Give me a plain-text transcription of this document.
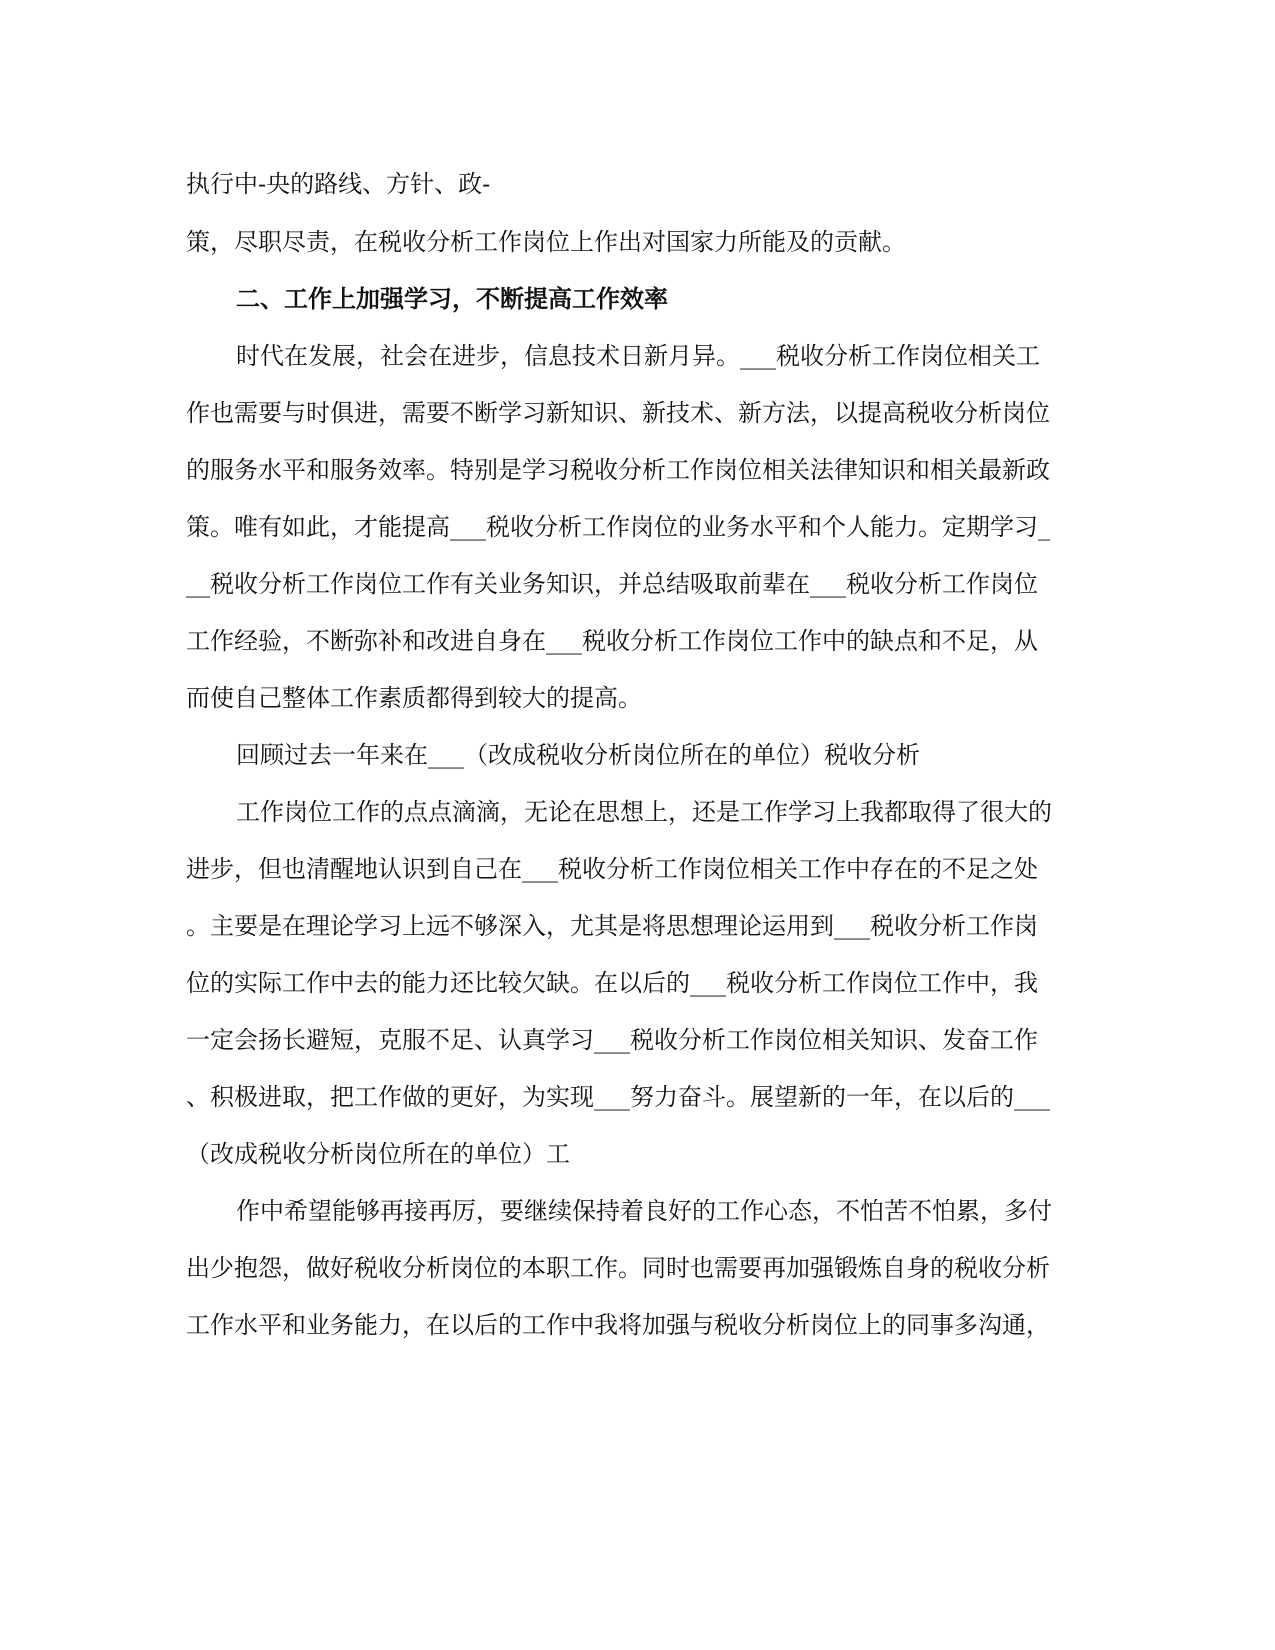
执行中-央的路线、方针、政-
策，尽职尽责，在税收分析工作岗位上作出对国家力所能及的贡献。
二、工作上加强学习，不断提高工作效率
时代在发展，社会在进步，信息技术日新月异。___税收分析工作岗位相关工
作也需要与时俱进，需要不断学习新知识、新技术、新方法，以提高税收分析岗位
的服务水平和服务效率。特别是学习税收分析工作岗位相关法律知识和相关最新政
策。唯有如此，才能提高___税收分析工作岗位的业务水平和个人能力。定期学习_
__税收分析工作岗位工作有关业务知识，并总结吸取前辈在___税收分析工作岗位
工作经验，不断弥补和改进自身在___税收分析工作岗位工作中的缺点和不足，从
而使自己整体工作素质都得到较大的提高。
回顾过去一年来在___（改成税收分析岗位所在的单位）税收分析
工作岗位工作的点点滴滴，无论在思想上，还是工作学习上我都取得了很大的
进步，但也清醒地认识到自己在___税收分析工作岗位相关工作中存在的不足之处
。主要是在理论学习上远不够深入，尤其是将思想理论运用到___税收分析工作岗
位的实际工作中去的能力还比较欠缺。在以后的___税收分析工作岗位工作中，我
一定会扬长避短，克服不足、认真学习___税收分析工作岗位相关知识、发奋工作
、积极进取，把工作做的更好，为实现___努力奋斗。展望新的一年，在以后的___
（改成税收分析岗位所在的单位）工
作中希望能够再接再厉，要继续保持着良好的工作心态，不怕苦不怕累，多付
出少抱怨，做好税收分析岗位的本职工作。同时也需要再加强锻炼自身的税收分析
工作水平和业务能力，在以后的工作中我将加强与税收分析岗位上的同事多沟通，
